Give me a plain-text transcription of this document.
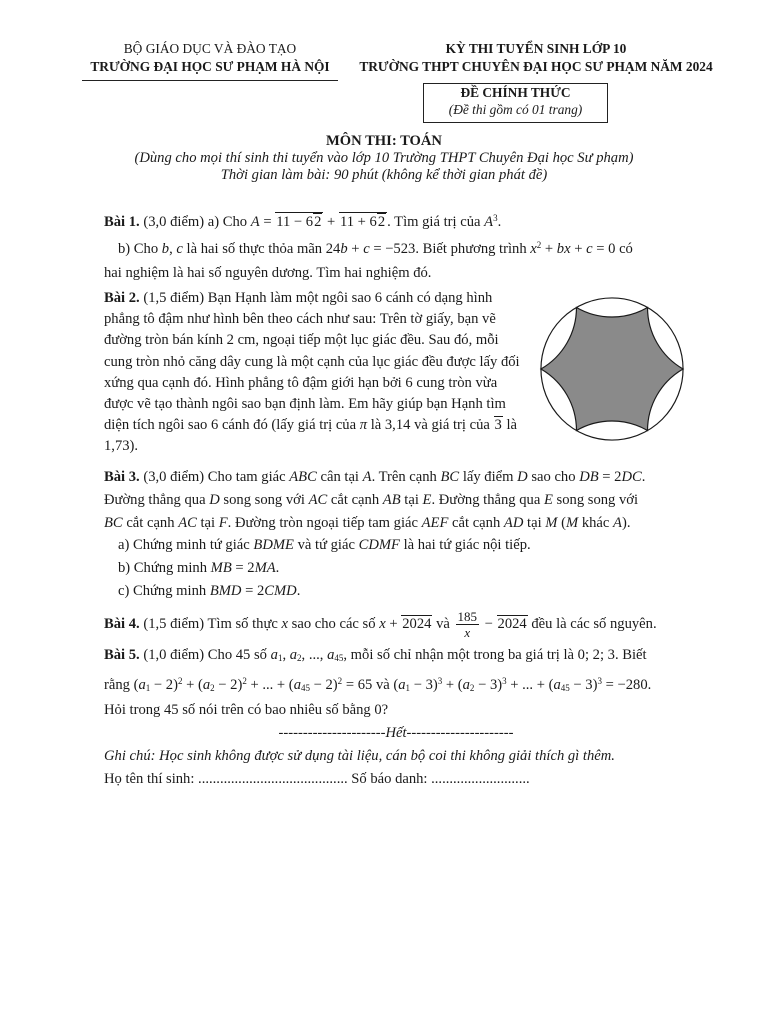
BỘ GIÁO DỤC VÀ ĐÀO TẠO
TRƯỜNG ĐẠI HỌC SƯ PHẠM HÀ NỘI
KỲ THI TUYỂN SINH LỚP 10
TRƯỜNG THPT CHUYÊN ĐẠI HỌC SƯ PHẠM NĂM 2024
ĐỀ CHÍNH THỨC
(Đề thi gồm có 01 trang)
MÔN THI: TOÁN
(Dùng cho mọi thí sinh thi tuyển vào lớp 10 Trường THPT Chuyên Đại học Sư phạm)
Thời gian làm bài: 90 phút (không kể thời gian phát đề)

Bài 1. (3,0 điểm) a) Cho A = 11 − 62 + 11 + 62 . Tìm giá trị của $A^3$.

b) Cho b, c là hai số thực thỏa mãn 24b + c = −523. Biết phương trình $x^2$ + bx + c = 0 có

hai nghiệm là hai số nguyên dương. Tìm hai nghiệm đó.

Bài 2. (1,5 điểm) Bạn Hạnh làm một ngôi sao 6 cánh có dạng hình phẳng tô đậm như hình bên theo cách như sau: Trên tờ giấy, bạn vẽ đường tròn bán kính 2 cm, ngoại tiếp một lục giác đều. Sau đó, mỗi cung tròn nhỏ căng dây cung là một cạnh của lục giác đều được lấy đối xứng qua cạnh đó. Hình phẳng tô đậm giới hạn bởi 6 cung tròn vừa được vẽ tạo thành ngôi sao bạn định làm. Em hãy giúp bạn Hạnh tìm diện tích ngôi sao 6 cánh đó (lấy giá trị của π là 3,14 và giá trị của 3 là 1,73).

Bài 3. (3,0 điểm) Cho tam giác ABC cân tại A. Trên cạnh BC lấy điểm D sao cho DB = 2DC.

Đường thẳng qua D song song với AC cắt cạnh AB tại E. Đường thẳng qua E song song với

BC cắt cạnh AC tại F. Đường tròn ngoại tiếp tam giác AEF cắt cạnh AD tại M (M khác A).

a) Chứng minh tứ giác BDME và tứ giác CDMF là hai tứ giác nội tiếp.

b) Chứng minh MB = 2MA.

c) Chứng minh BMD = 2CMD.

Bài 4. (1,5 điểm) Tìm số thực x sao cho các số x + 2024 và $\frac{185}{x} - 2024$ đều là các số nguyên.

Bài 5. (1,0 điểm) Cho 45 số $a_1$, $a_2$, ..., $a_{45}$, mỗi số chỉ nhận một trong ba giá trị là 0; 2; 3. Biết

rằng $(a_1 - 2)^2 + (a_2 - 2)^2$ + ... + $(a_{45} - 2)^2 = 65$ và $(a_1 - 3)^3 + (a_2 - 3)^3$ + ... + $(a_{45} - 3)^3 = -280$.

Hỏi trong 45 số nói trên có bao nhiêu số bằng 0?

----------------------Hết----------------------

Ghi chú: Học sinh không được sử dụng tài liệu, cán bộ coi thi không giải thích gì thêm.

Họ tên thí sinh: ......................................... Số báo danh: ...........................
